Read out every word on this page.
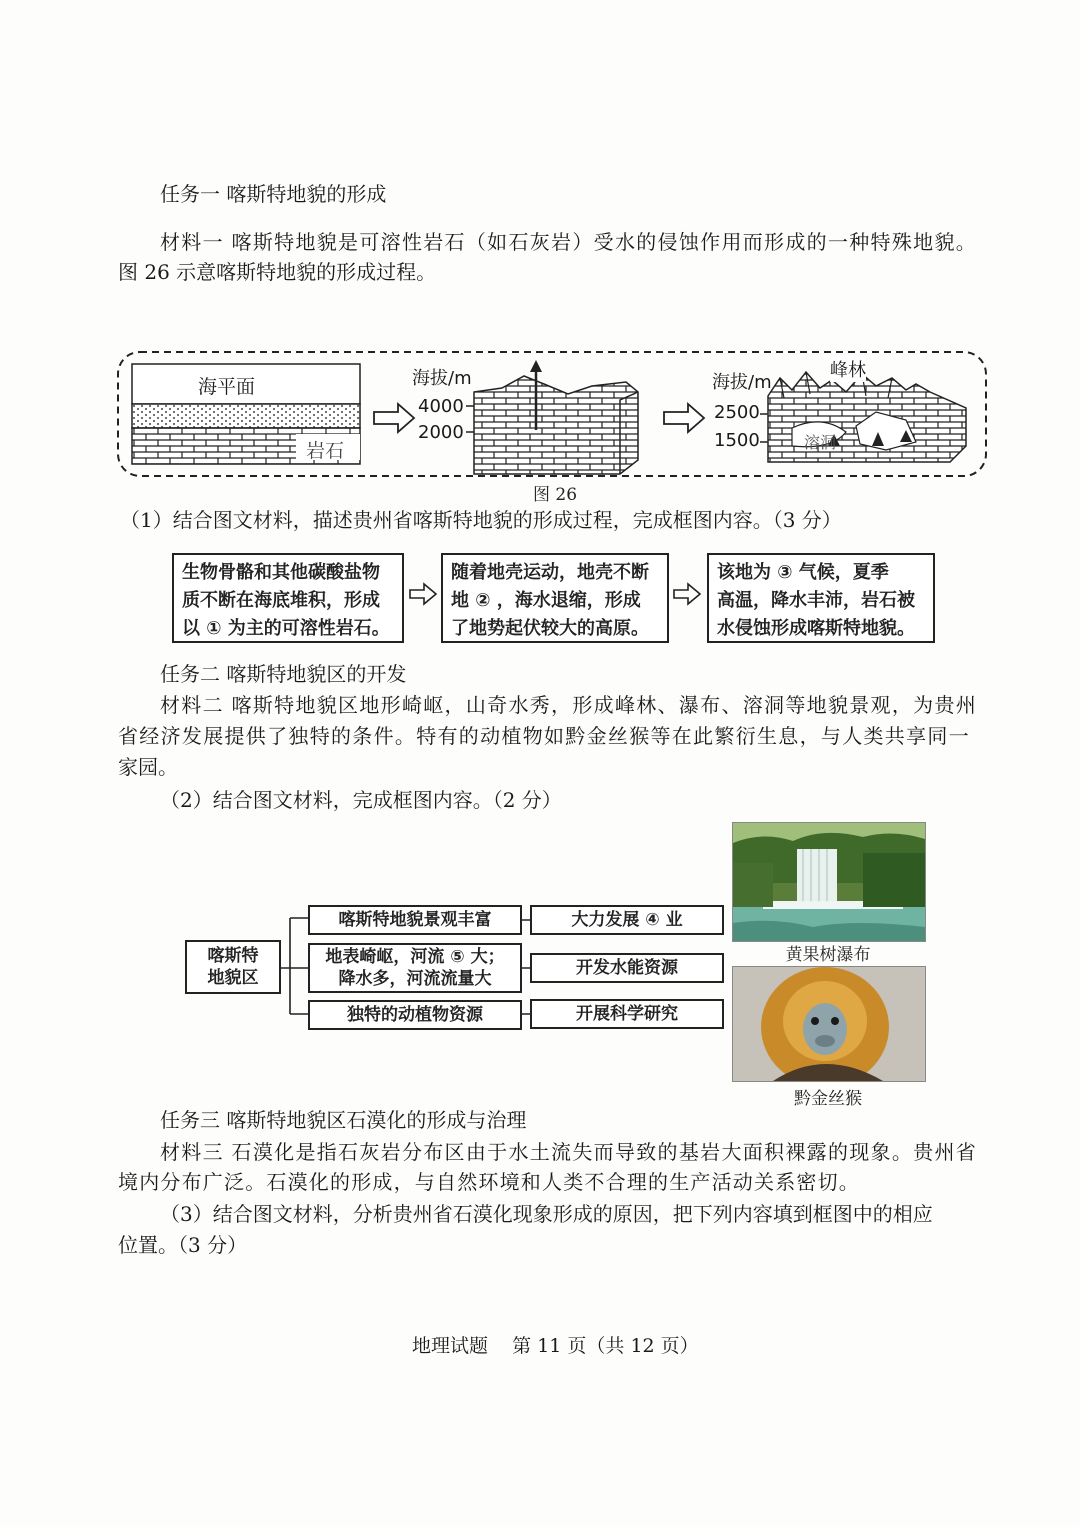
任务一 喀斯特地貌的形成
材料一 喀斯特地貌是可溶性岩石（如石灰岩）受水的侵蚀作用而形成的一种特殊地貌。
图 26 示意喀斯特地貌的形成过程。
海平面
岩石
海拔/m
4000
2000
海拔/m
2500
1500
峰林
溶洞
图 26
（1）结合图文材料，描述贵州省喀斯特地貌的形成过程，完成框图内容。（3 分）
生物骨骼和其他碳酸盐物
质不断在海底堆积，形成
以 ① 为主的可溶性岩石。
随着地壳运动，地壳不断
地 ② ，海水退缩，形成
了地势起伏较大的高原。
该地为 ③ 气候，夏季
高温，降水丰沛，岩石被
水侵蚀形成喀斯特地貌。
任务二 喀斯特地貌区的开发
材料二 喀斯特地貌区地形崎岖，山奇水秀，形成峰林、瀑布、溶洞等地貌景观，为贵州
省经济发展提供了独特的条件。特有的动植物如黔金丝猴等在此繁衍生息，与人类共享同一
家园。
（2）结合图文材料，完成框图内容。（2 分）
喀斯特
地貌区
喀斯特地貌景观丰富
地表崎岖，河流 ⑤ 大；
降水多，河流流量大
独特的动植物资源
大力发展 ④ 业
开发水能资源
开展科学研究
黄果树瀑布
黔金丝猴
任务三 喀斯特地貌区石漠化的形成与治理
材料三 石漠化是指石灰岩分布区由于水土流失而导致的基岩大面积裸露的现象。贵州省
境内分布广泛。石漠化的形成，与自然环境和人类不合理的生产活动关系密切。
（3）结合图文材料，分析贵州省石漠化现象形成的原因，把下列内容填到框图中的相应
位置。（3 分）
地理试题    第 11 页（共 12 页）
